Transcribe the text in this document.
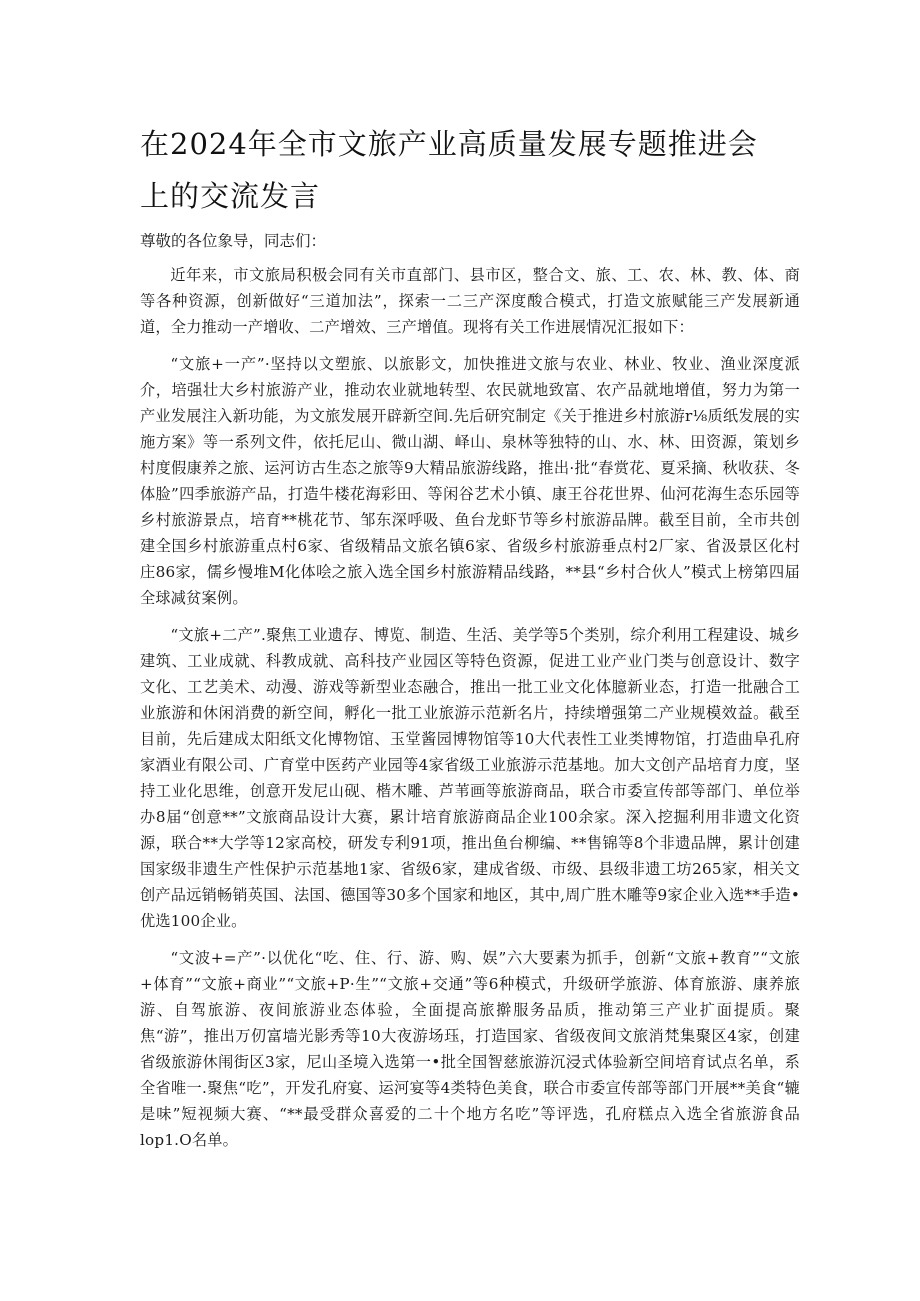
在2024年全市文旅产业高质量发展专题推进会上的交流发言

尊敬的各位象导，同志们：

近年来，市文旅局积极会同有关市直部门、县市区，整合文、旅、工、农、林、教、体、商等各种资源，创新做好“三道加法”，探索一二三产深度酸合模式，打造文旅赋能三产发展新通道，全力推动一产增收、二产增效、三产增值。现将有关工作进展情况汇报如下：

“文旅+一产”·坚持以文塑旅、以旅影文，加快推进文旅与农业、林业、牧业、渔业深度派介，培强壮大乡村旅游产业，推动农业就地转型、农民就地致富、农产品就地增值，努力为第一产业发展注入新功能，为文旅发展开辟新空间.先后研究制定《关于推进乡村旅游r⅛质纸发展的实施方案》等一系列文件，依托尼山、微山湖、峄山、泉林等独特的山、水、林、田资源，策划乡村度假康养之旅、运河访古生态之旅等9大精品旅游线路，推出·批“春赏花、夏采摘、秋收获、冬体脸”四季旅游产品，打造牛楼花海彩田、等闲谷艺术小镇、康王谷花世界、仙河花海生态乐园等乡村旅游景点，培育**桃花节、邹东深呼吸、鱼台龙虾节等乡村旅游品牌。截至目前，全市共创建全国乡村旅游重点村6家、省级精品文旅名镇6家、省级乡村旅游垂点村2厂家、省汲景区化村庄86家，儒乡慢堆M化体哙之旅入选全国乡村旅游精品线路，**县“乡村合伙人”模式上榜第四届全球减贫案例。

“文旅+二产”.聚焦工业遗存、博览、制造、生活、美学等5个类别，综介利用工程建设、城乡建筑、工业成就、科教成就、高科技产业园区等特色资源，促进工业产业门类与创意设计、数字文化、工艺美术、动漫、游戏等新型业态融合，推出一批工业文化体臆新业态，打造一批融合工业旅游和休闲消费的新空间，孵化一批工业旅游示范新名片，持续增强第二产业规模效益。截至目前，先后建成太阳纸文化博物馆、玉堂酱园博物馆等10大代表性工业类博物馆，打造曲阜孔府家酒业有限公司、广育堂中医药产业园等4家省级工业旅游示范基地。加大文创产品培育力度，坚持工业化思维，创意开发尼山砚、楷木雕、芦苇画等旅游商品，联合市委宣传部等部门、单位举办8届“创意**”文旅商品设计大赛，累计培育旅游商品企业100余家。深入挖掘利用非遗文化资源，联合**大学等12家高校，研发专利91项，推出鱼台柳编、**售锦等8个非遗品牌，累计创建国家级非遗生产性保护示范基地1家、省级6家，建成省级、市级、县级非遗工坊265家，相关文创产品远销畅销英国、法国、德国等30多个国家和地区，其中,周广胜木雕等9家企业入选**手造•优选100企业。

“文波+=产”·以优化“吃、住、行、游、购、娱”六大要素为抓手，创新“文旅+教育”“文旅+体育”“文旅+商业”“文旅+P·生”“文旅+交通”等6种模式，升级研学旅游、体育旅游、康养旅游、自驾旅游、夜间旅游业态体验，全面提高旅擀服务品质，推动第三产业扩面提质。聚焦“游”，推出万仞富墙光影秀等10大夜游场珏，打造国家、省级夜间文旅消梵集聚区4家，创建省级旅游休闱街区3家，尼山圣境入选第一•批全国智慈旅游沉浸式体验新空间培育试点名单，系全省唯一.聚焦“吃”，开发孔府宴、运河宴等4类特色美食，联合市委宣传部等部门开展**美食“辘是味”短视频大赛、“**最受群众喜爱的二十个地方名吃”等评选，孔府糕点入选全省旅游食品lop1.O名单。
